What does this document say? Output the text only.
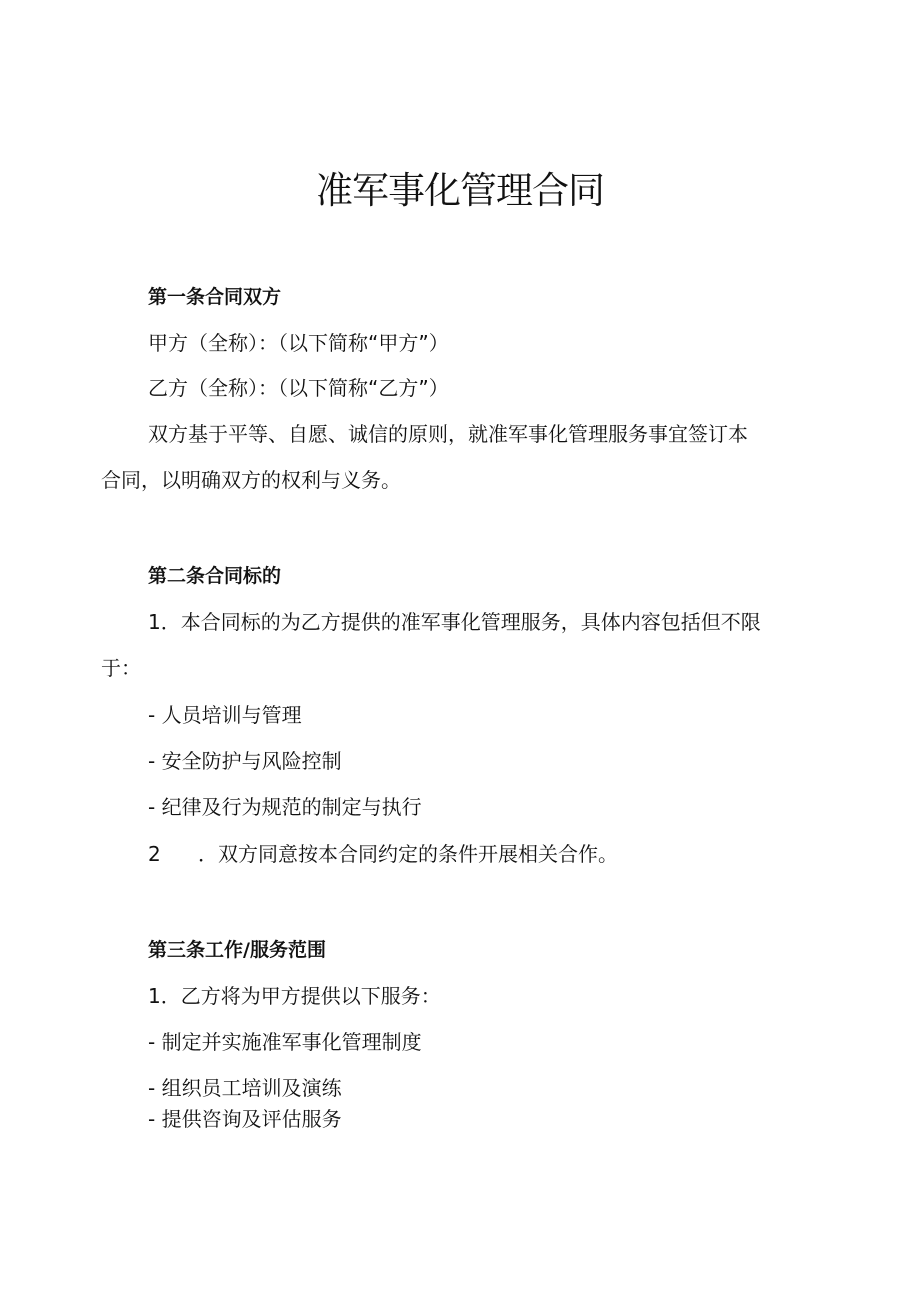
准军事化管理合同

第一条合同双方

甲方（全称）：（以下简称“甲方”）

乙方（全称）：（以下简称“乙方”）

双方基于平等、自愿、诚信的原则，就准军事化管理服务事宜签订本

合同，以明确双方的权利与义务。

第二条合同标的

1．本合同标的为乙方提供的准军事化管理服务，具体内容包括但不限

于：

- 人员培训与管理

- 安全防护与风险控制

- 纪律及行为规范的制定与执行

2 ．双方同意按本合同约定的条件开展相关合作。

第三条工作/服务范围

1．乙方将为甲方提供以下服务：

- 制定并实施准军事化管理制度

- 组织员工培训及演练

- 提供咨询及评估服务
